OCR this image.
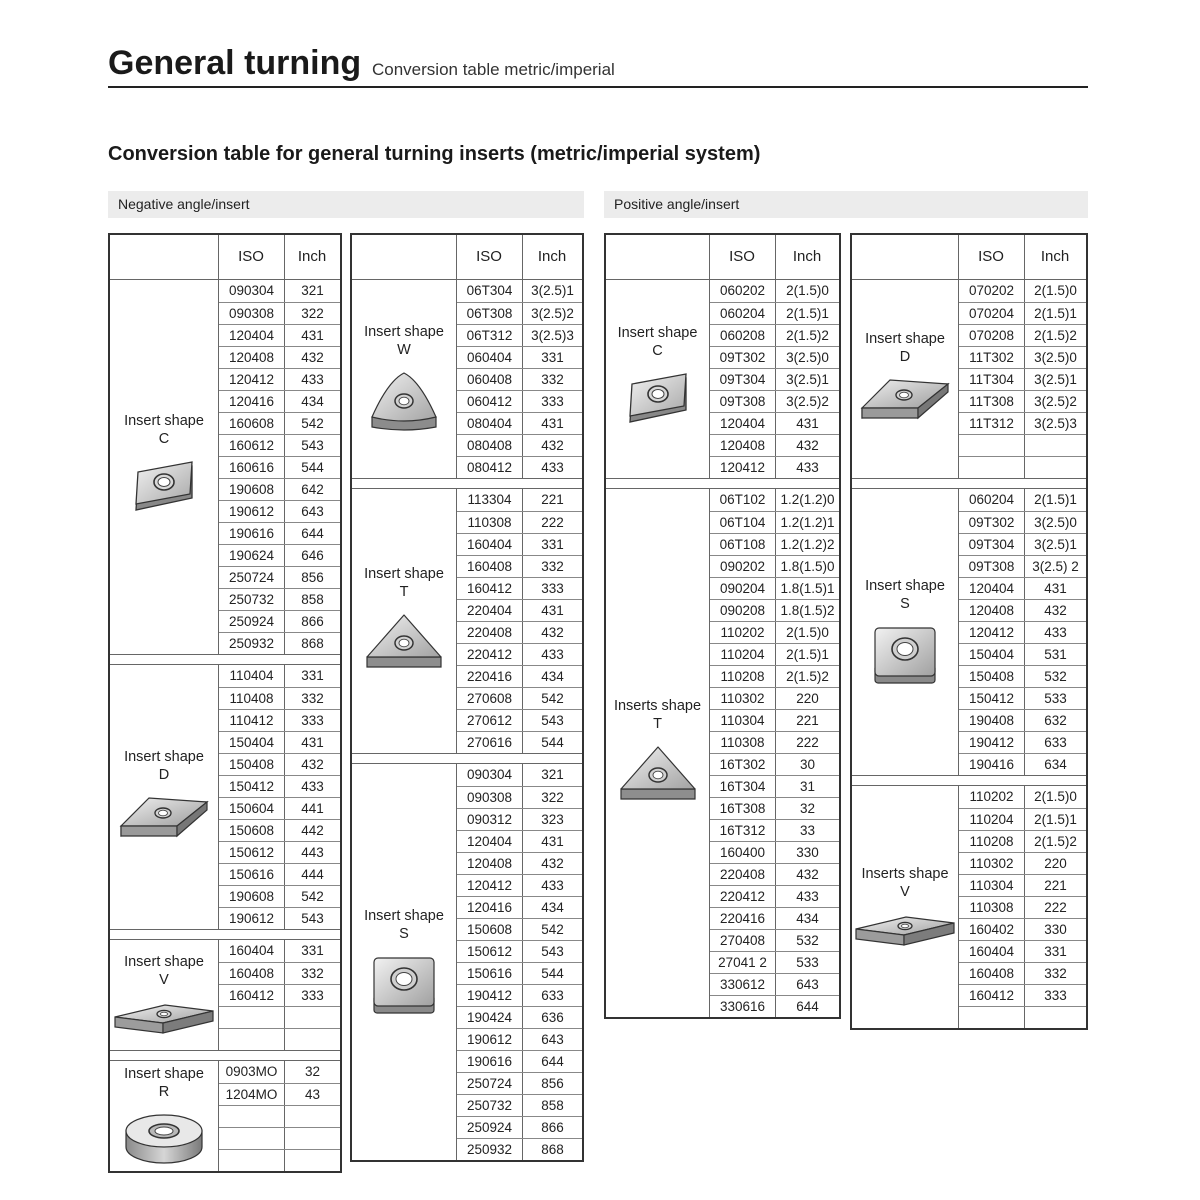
General turning Conversion table metric/imperial
Conversion table for general turning inserts (metric/imperial system)
Negative angle/insert	Positive angle/insert
ISO	Inch
Insert shape
C
090304	321
090308	322
120404	431
120408	432
120412	433
120416	434
160608	542
160612	543
160616	544
190608	642
190612	643
190616	644
190624	646
250724	856
250732	858
250924	866
250932	868
Insert shape
D
110404	331
110408	332
110412	333
150404	431
150408	432
150412	433
150604	441
150608	442
150612	443
150616	444
190608	542
190612	543
Insert shape
V
160404	331
160408	332
160412	333
Insert shape
R
0903MO	32
1204MO	43
ISO	Inch
Insert shape
W
06T304	3(2.5)1
06T308	3(2.5)2
06T312	3(2.5)3
060404	331
060408	332
060412	333
080404	431
080408	432
080412	433
Insert shape
T
113304	221
110308	222
160404	331
160408	332
160412	333
220404	431
220408	432
220412	433
220416	434
270608	542
270612	543
270616	544
Insert shape
S
090304	321
090308	322
090312	323
120404	431
120408	432
120412	433
120416	434
150608	542
150612	543
150616	544
190412	633
190424	636
190612	643
190616	644
250724	856
250732	858
250924	866
250932	868
ISO	Inch
Insert shape
C
060202	2(1.5)0
060204	2(1.5)1
060208	2(1.5)2
09T302	3(2.5)0
09T304	3(2.5)1
09T308	3(2.5)2
120404	431
120408	432
120412	433
Inserts shape
T
06T102	1.2(1.2)0
06T104	1.2(1.2)1
06T108	1.2(1.2)2
090202	1.8(1.5)0
090204	1.8(1.5)1
090208	1.8(1.5)2
110202	2(1.5)0
110204	2(1.5)1
110208	2(1.5)2
110302	220
110304	221
110308	222
16T302	30
16T304	31
16T308	32
16T312	33
160400	330
220408	432
220412	433
220416	434
270408	532
27041 2	533
330612	643
330616	644
ISO	Inch
Insert shape
D
070202	2(1.5)0
070204	2(1.5)1
070208	2(1.5)2
11T302	3(2.5)0
11T304	3(2.5)1
11T308	3(2.5)2
11T312	3(2.5)3
Insert shape
S
060204	2(1.5)1
09T302	3(2.5)0
09T304	3(2.5)1
09T308	3(2.5) 2
120404	431
120408	432
120412	433
150404	531
150408	532
150412	533
190408	632
190412	633
190416	634
Inserts shape
V
110202	2(1.5)0
110204	2(1.5)1
110208	2(1.5)2
110302	220
110304	221
110308	222
160402	330
160404	331
160408	332
160412	333
